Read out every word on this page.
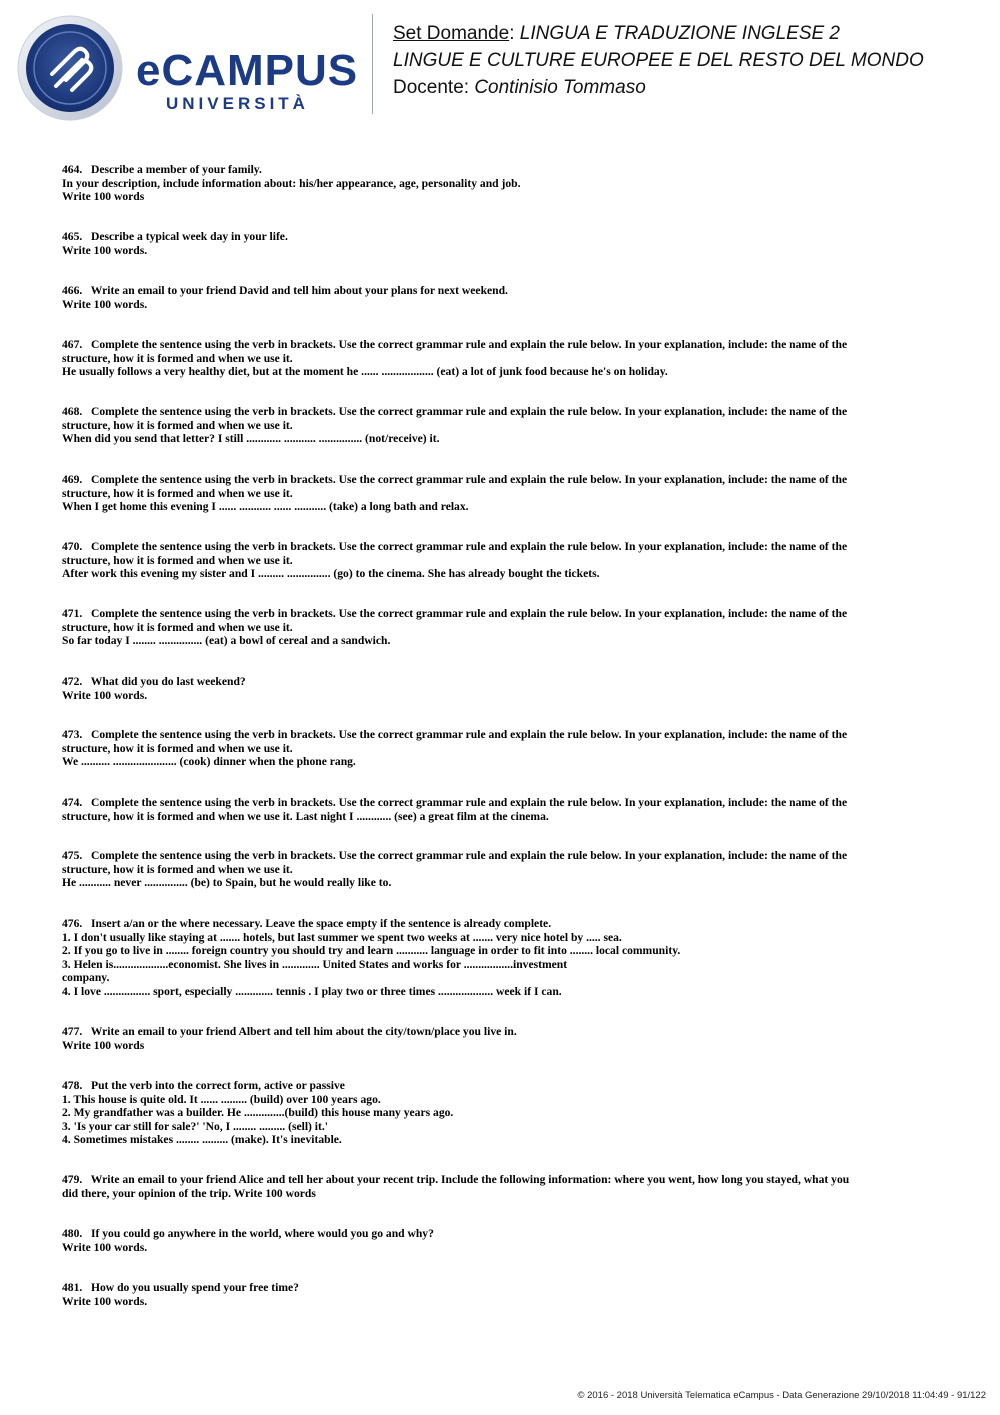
eCAMPUS
UNIVERSITÀ
Set Domande: LINGUA E TRADUZIONE INGLESE 2
LINGUE E CULTURE EUROPEE E DEL RESTO DEL MONDO
Docente: Continisio Tommaso
464.   Describe a member of your family.
In your description, include information about: his/her appearance, age, personality and job.
Write 100 words
465.   Describe a typical week day in your life.
Write 100 words.
466.   Write an email to your friend David and tell him about your plans for next weekend.
Write 100 words.
467.   Complete the sentence using the verb in brackets. Use the correct grammar rule and explain the rule below. In your explanation, include: the name of the
structure, how it is formed and when we use it.
He usually follows a very healthy diet, but at the moment he ...... .................. (eat) a lot of junk food because he's on holiday.
468.   Complete the sentence using the verb in brackets. Use the correct grammar rule and explain the rule below. In your explanation, include: the name of the
structure, how it is formed and when we use it.
When did you send that letter? I still ............ ........... ............... (not/receive) it.
469.   Complete the sentence using the verb in brackets. Use the correct grammar rule and explain the rule below. In your explanation, include: the name of the
structure, how it is formed and when we use it.
When I get home this evening I ...... ........... ...... ........... (take) a long bath and relax.
470.   Complete the sentence using the verb in brackets. Use the correct grammar rule and explain the rule below. In your explanation, include: the name of the
structure, how it is formed and when we use it.
After work this evening my sister and I ......... ............... (go) to the cinema. She has already bought the tickets.
471.   Complete the sentence using the verb in brackets. Use the correct grammar rule and explain the rule below. In your explanation, include: the name of the
structure, how it is formed and when we use it.
So far today I ........ ............... (eat) a bowl of cereal and a sandwich.
472.   What did you do last weekend?
Write 100 words.
473.   Complete the sentence using the verb in brackets. Use the correct grammar rule and explain the rule below. In your explanation, include: the name of the
structure, how it is formed and when we use it.
We .......... ...................... (cook) dinner when the phone rang.
474.   Complete the sentence using the verb in brackets. Use the correct grammar rule and explain the rule below. In your explanation, include: the name of the
structure, how it is formed and when we use it. Last night I ............ (see) a great film at the cinema.
475.   Complete the sentence using the verb in brackets. Use the correct grammar rule and explain the rule below. In your explanation, include: the name of the
structure, how it is formed and when we use it.
He ........... never ............... (be) to Spain, but he would really like to.
476.   Insert a/an or the where necessary. Leave the space empty if the sentence is already complete.
1. I don't usually like staying at ....... hotels, but last summer we spent two weeks at ....... very nice hotel by ..... sea.
2. If you go to live in ........ foreign country you should try and learn ........... language in order to fit into ........ local community.
3. Helen is...................economist. She lives in ............. United States and works for .................investment
company.
4. I love ................ sport, especially ............. tennis . I play two or three times ................... week if I can.
477.   Write an email to your friend Albert and tell him about the city/town/place you live in.
Write 100 words
478.   Put the verb into the correct form, active or passive
1. This house is quite old. It ...... ......... (build) over 100 years ago.
2. My grandfather was a builder. He ..............(build) this house many years ago.
3. 'Is your car still for sale?' 'No, I ........ ......... (sell) it.'
4. Sometimes mistakes ........ ......... (make). It's inevitable.
479.   Write an email to your friend Alice and tell her about your recent trip. Include the following information: where you went, how long you stayed, what you
did there, your opinion of the trip. Write 100 words
480.   If you could go anywhere in the world, where would you go and why?
Write 100 words.
481.   How do you usually spend your free time?
Write 100 words.
© 2016 - 2018 Università Telematica eCampus - Data Generazione 29/10/2018 11:04:49 - 91/122
